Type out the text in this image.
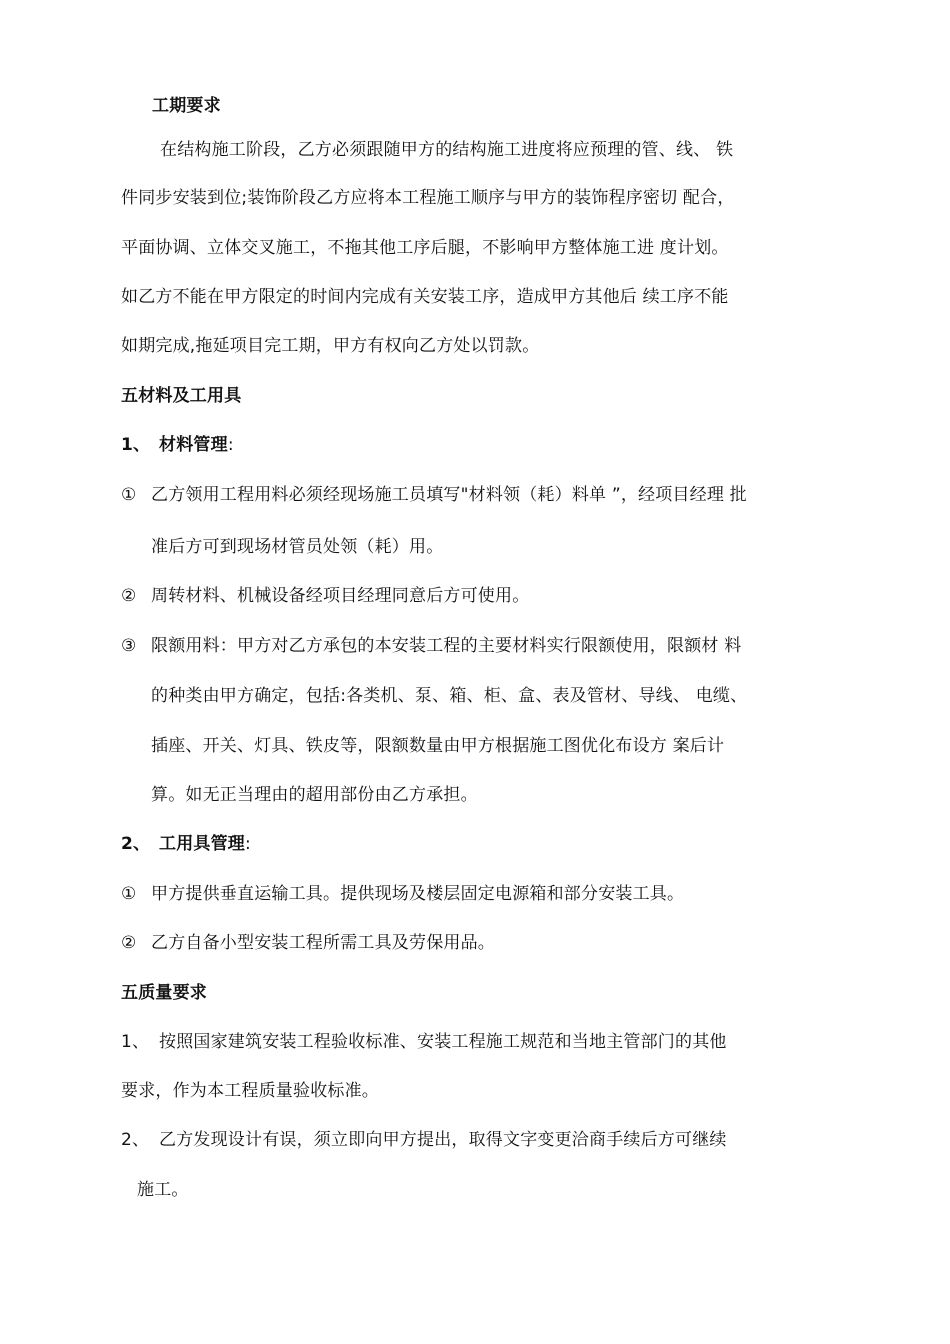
工期要求
在结构施工阶段，乙方必须跟随甲方的结构施工进度将应预理的管、线、 铁
件同步安装到位;装饰阶段乙方应将本工程施工顺序与甲方的装饰程序密切 配合，
平面协调、立体交叉施工，不拖其他工序后腿，不影响甲方整体施工进 度计划。
如乙方不能在甲方限定的时间内完成有关安装工序，造成甲方其他后 续工序不能
如期完成,拖延项目完工期，甲方有权向乙方处以罚款。
五材料及工用具
1、 材料管理:
① 乙方领用工程用料必须经现场施工员填写"材料领（耗）料单 ”，经项目经理 批
准后方可到现场材管员处领（耗）用。
② 周转材料、机械设备经项目经理同意后方可使用。
③ 限额用料：甲方对乙方承包的本安装工程的主要材料实行限额使用，限额材 料
的种类由甲方确定，包括:各类机、泵、箱、柜、盒、表及管材、导线、 电缆、
插座、开关、灯具、铁皮等，限额数量由甲方根据施工图优化布设方 案后计
算。如无正当理由的超用部份由乙方承担。
2、 工用具管理:
① 甲方提供垂直运输工具。提供现场及楼层固定电源箱和部分安装工具。
② 乙方自备小型安装工程所需工具及劳保用品。
五质量要求
1、 按照国家建筑安装工程验收标准、安装工程施工规范和当地主管部门的其他
要求，作为本工程质量验收标准。
2、 乙方发现设计有误，须立即向甲方提出，取得文字变更洽商手续后方可继续
施工。
